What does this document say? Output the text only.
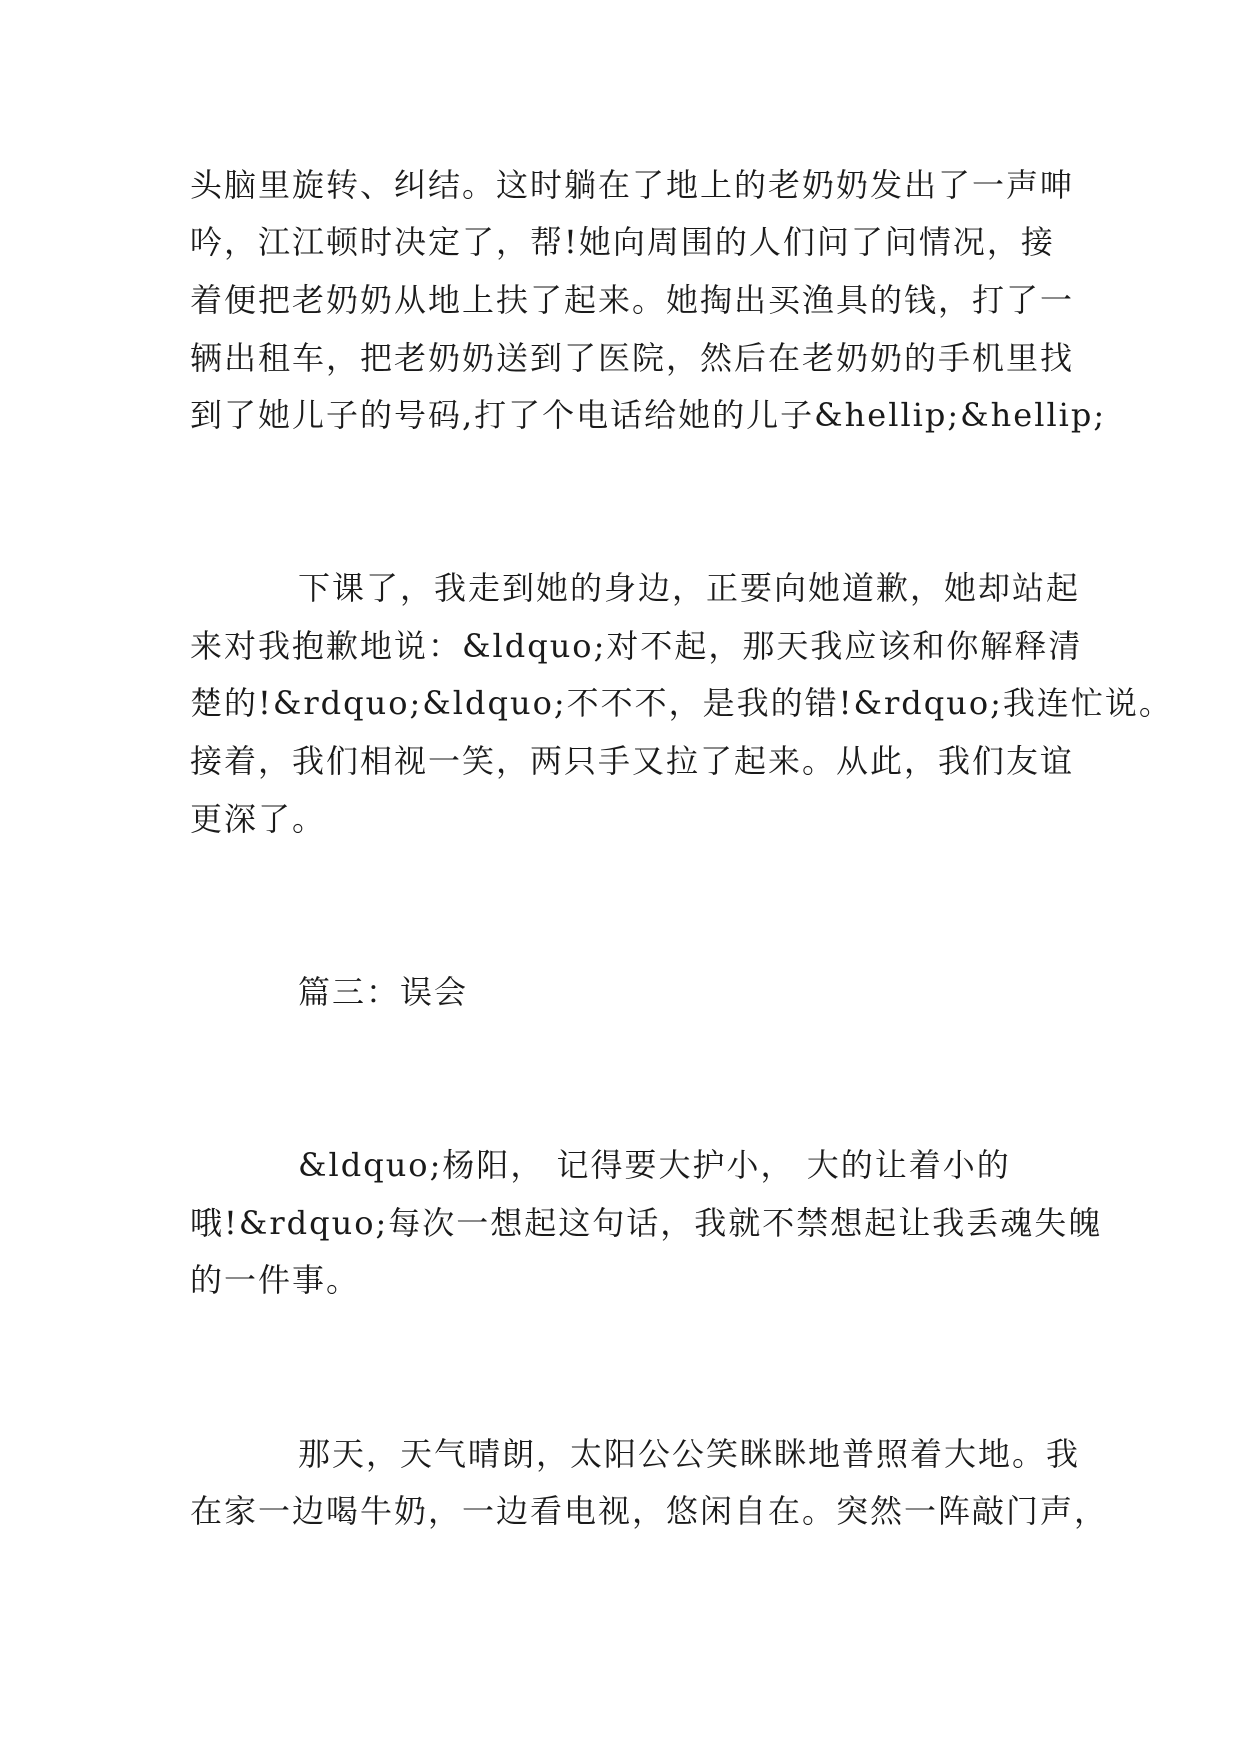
头脑里旋转、纠结。这时躺在了地上的老奶奶发出了一声呻
吟，江江顿时决定了，帮!她向周围的人们问了问情况，接
着便把老奶奶从地上扶了起来。她掏出买渔具的钱，打了一
辆出租车，把老奶奶送到了医院，然后在老奶奶的手机里找
到了她儿子的号码,打了个电话给她的儿子&hellip;&hellip;
下课了，我走到她的身边，正要向她道歉，她却站起
来对我抱歉地说：&ldquo;对不起，那天我应该和你解释清
楚的!&rdquo;&ldquo;不不不，是我的错!&rdquo;我连忙说。
接着，我们相视一笑，两只手又拉了起来。从此，我们友谊
更深了。
篇三：误会
&ldquo;杨阳， 记得要大护小， 大的让着小的
哦!&rdquo;每次一想起这句话，我就不禁想起让我丢魂失魄
的一件事。
那天，天气晴朗，太阳公公笑眯眯地普照着大地。我
在家一边喝牛奶，一边看电视，悠闲自在。突然一阵敲门声，
